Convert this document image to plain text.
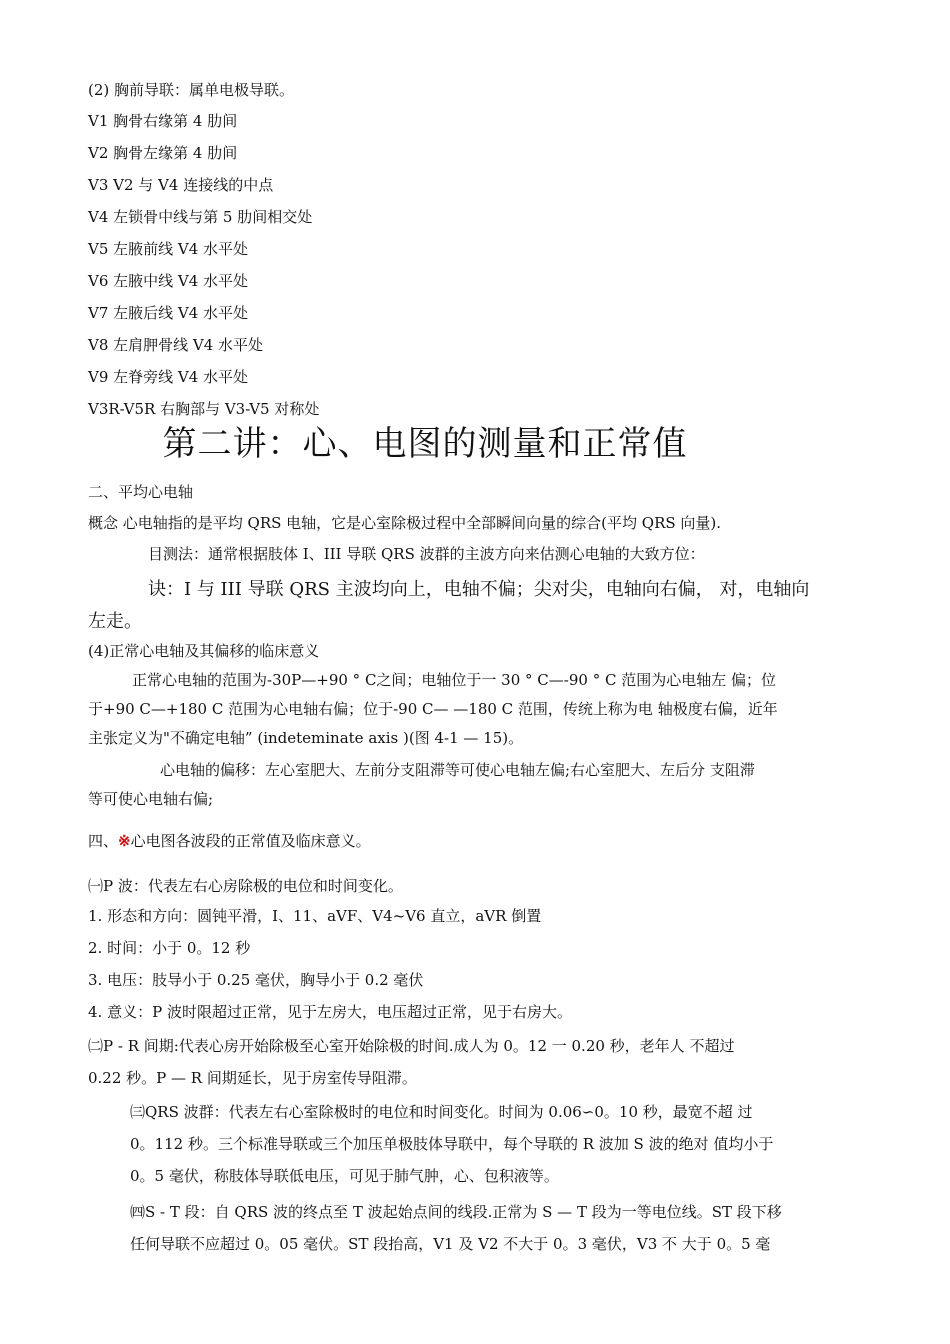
(2) 胸前导联：属单电极导联。
V1 胸骨右缘第 4 肋间
V2 胸骨左缘第 4 肋间
V3 V2 与 V4 连接线的中点
V4 左锁骨中线与第 5 肋间相交处
V5 左腋前线 V4 水平处
V6 左腋中线 V4 水平处
V7 左腋后线 V4 水平处
V8 左肩胛骨线 V4 水平处
V9 左脊旁线 V4 水平处
V3R-V5R 右胸部与 V3-V5 对称处
第二讲：心、电图的测量和正常值
二、平均心电轴
概念 心电轴指的是平均 QRS 电轴，它是心室除极过程中全部瞬间向量的综合(平均 QRS 向量).
目测法：通常根据肢体 I、III 导联 QRS 波群的主波方向来估测心电轴的大致方位：
诀：I 与 III 导联 QRS 主波均向上，电轴不偏；尖对尖，电轴向右偏， 对，电轴向
左走。
(4)正常心电轴及其偏移的临床意义
正常心电轴的范围为-30P—+90 ° C之间；电轴位于一 30 ° C—-90 ° C 范围为心电轴左 偏；位
于+90 C—+180 C 范围为心电轴右偏；位于-90 C— —180 C 范围，传统上称为电 轴极度右偏，近年
主张定义为"不确定电轴” (indeteminate axis )(图 4-1 — 15)。
心电轴的偏移：左心室肥大、左前分支阻滞等可使心电轴左偏;右心室肥大、左后分 支阻滞
等可使心电轴右偏;
四、※心电图各波段的正常值及临床意义。
㈠P 波：代表左右心房除极的电位和时间变化。
1. 形态和方向：圆钝平滑，I、11、aVF、V4~V6 直立，aVR 倒置
2. 时间：小于 0。12 秒
3. 电压：肢导小于 0.25 毫伏，胸导小于 0.2 毫伏
4. 意义：P 波时限超过正常，见于左房大，电压超过正常，见于右房大。
㈡P - R 间期:代表心房开始除极至心室开始除极的时间.成人为 0。12 一 0.20 秒，老年人 不超过
0.22 秒。P — R 间期延长，见于房室传导阻滞。
㈢QRS 波群：代表左右心室除极时的电位和时间变化。时间为 0.06∽0。10 秒，最宽不超 过
0。112 秒。三个标准导联或三个加压单极肢体导联中，每个导联的 R 波加 S 波的绝对 值均小于
0。5 毫伏，称肢体导联低电压，可见于肺气肿，心、包积液等。
㈣S - T 段：自 QRS 波的终点至 T 波起始点间的线段.正常为 S — T 段为一等电位线。ST 段下移
任何导联不应超过 0。05 毫伏。ST 段抬高，V1 及 V2 不大于 0。3 毫伏，V3 不 大于 0。5 毫
